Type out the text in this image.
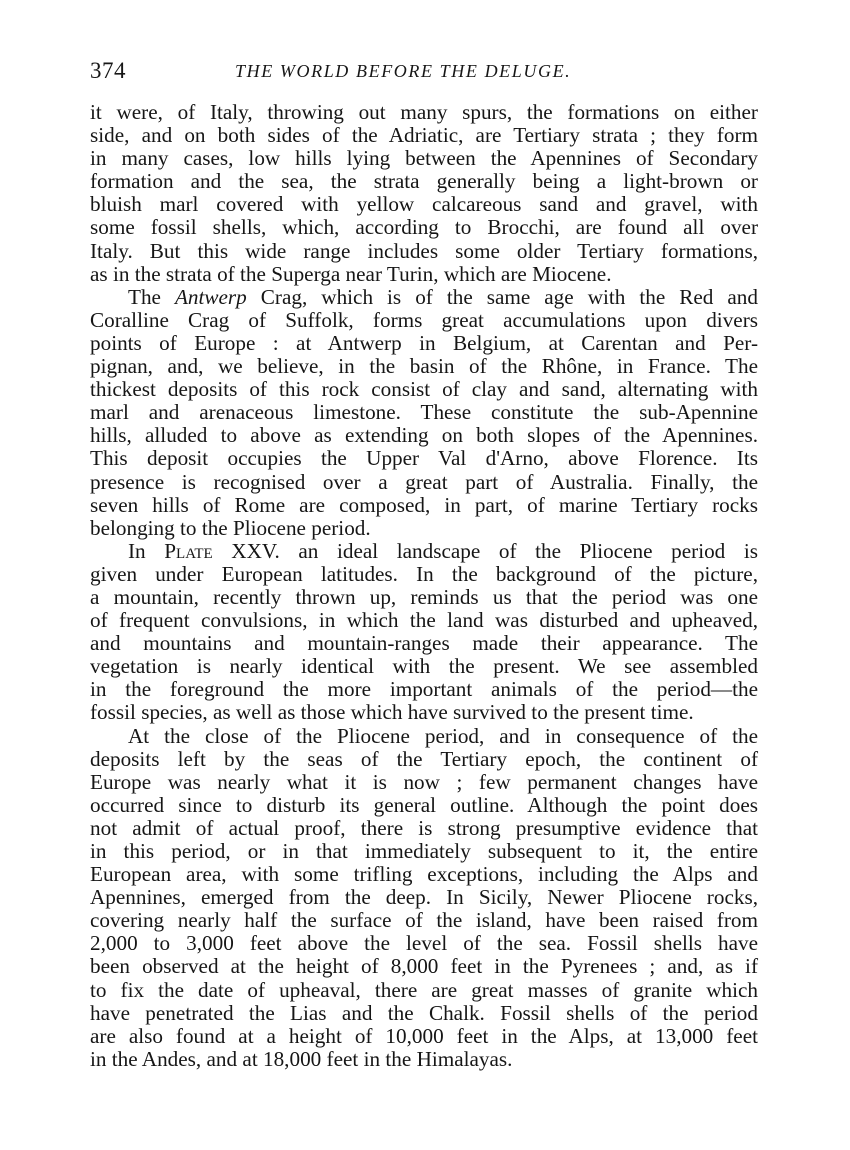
374	THE WORLD BEFORE THE DELUGE.
it were, of Italy, throwing out many spurs, the formations on either
side, and on both sides of the Adriatic, are Tertiary strata ; they form
in many cases, low hills lying between the Apennines of Secondary
formation and the sea, the strata generally being a light-brown or
bluish marl covered with yellow calcareous sand and gravel, with
some fossil shells, which, according to Brocchi, are found all over
Italy. But this wide range includes some older Tertiary formations,
as in the strata of the Superga near Turin, which are Miocene.
The Antwerp Crag, which is of the same age with the Red and
Coralline Crag of Suffolk, forms great accumulations upon divers
points of Europe : at Antwerp in Belgium, at Carentan and Per-
pignan, and, we believe, in the basin of the Rhône, in France. The
thickest deposits of this rock consist of clay and sand, alternating with
marl and arenaceous limestone. These constitute the sub-Apennine
hills, alluded to above as extending on both slopes of the Apennines.
This deposit occupies the Upper Val d'Arno, above Florence. Its
presence is recognised over a great part of Australia. Finally, the
seven hills of Rome are composed, in part, of marine Tertiary rocks
belonging to the Pliocene period.
In Plate XXV. an ideal landscape of the Pliocene period is
given under European latitudes. In the background of the picture,
a mountain, recently thrown up, reminds us that the period was one
of frequent convulsions, in which the land was disturbed and upheaved,
and mountains and mountain-ranges made their appearance. The
vegetation is nearly identical with the present. We see assembled
in the foreground the more important animals of the period—the
fossil species, as well as those which have survived to the present time.
At the close of the Pliocene period, and in consequence of the
deposits left by the seas of the Tertiary epoch, the continent of
Europe was nearly what it is now ; few permanent changes have
occurred since to disturb its general outline. Although the point does
not admit of actual proof, there is strong presumptive evidence that
in this period, or in that immediately subsequent to it, the entire
European area, with some trifling exceptions, including the Alps and
Apennines, emerged from the deep. In Sicily, Newer Pliocene rocks,
covering nearly half the surface of the island, have been raised from
2,000 to 3,000 feet above the level of the sea. Fossil shells have
been observed at the height of 8,000 feet in the Pyrenees ; and, as if
to fix the date of upheaval, there are great masses of granite which
have penetrated the Lias and the Chalk. Fossil shells of the period
are also found at a height of 10,000 feet in the Alps, at 13,000 feet
in the Andes, and at 18,000 feet in the Himalayas.
